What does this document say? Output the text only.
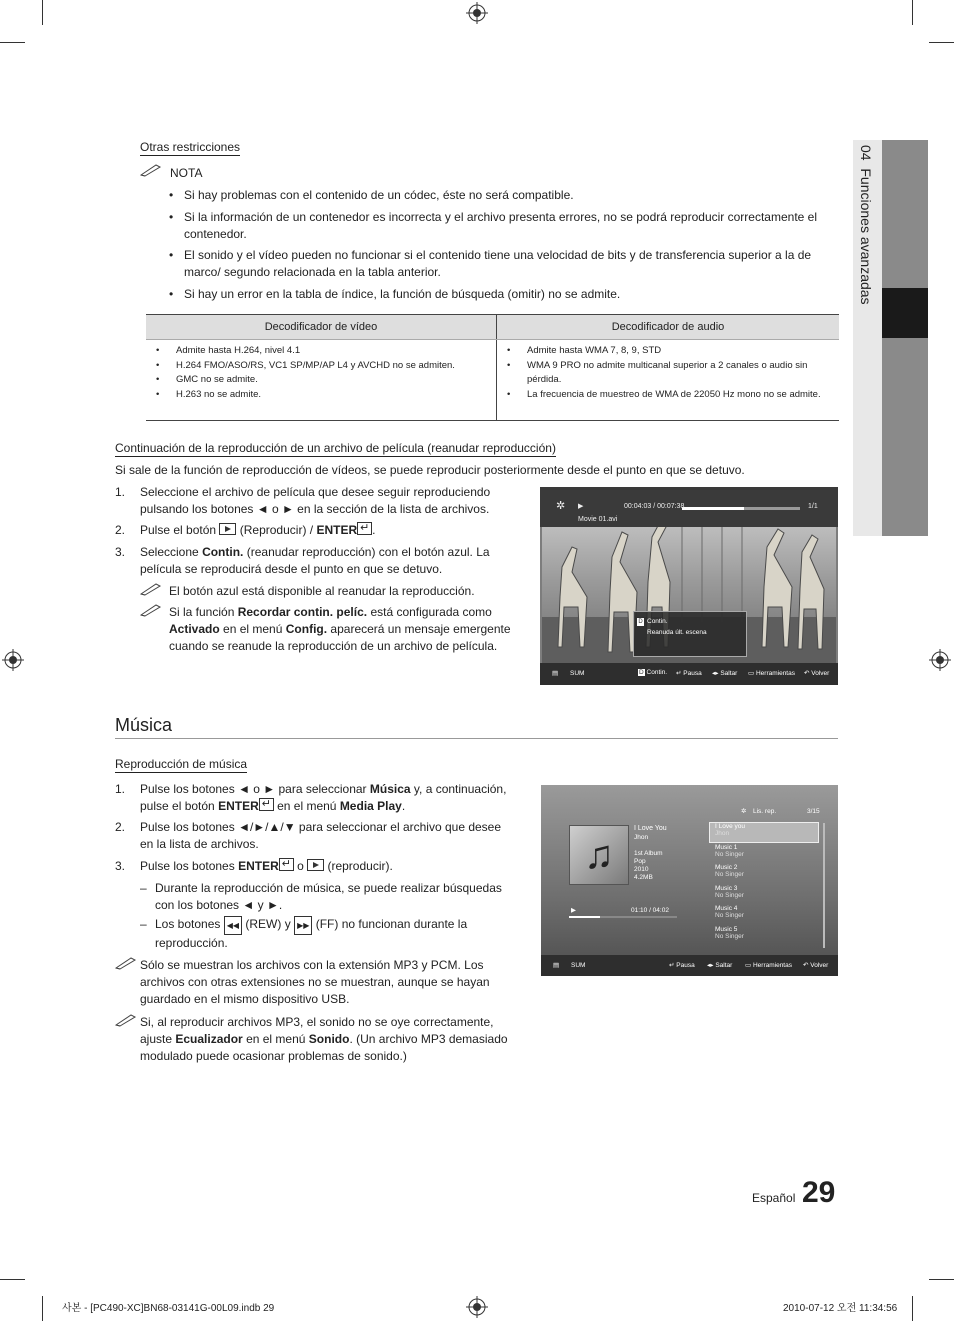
04  Funciones avanzadas
Otras restricciones
NOTA
• Si hay problemas con el contenido de un códec, éste no será compatible.
• Si la información de un contenedor es incorrecta y el archivo presenta errores, no se podrá reproducir correctamente el contenedor.
• El sonido y el vídeo pueden no funcionar si el contenido tiene una velocidad de bits y de transferencia superior a la de marco/ segundo relacionada en la tabla anterior.
• Si hay un error en la tabla de índice, la función de búsqueda (omitir) no se admite.
Decodificador de vídeo	Decodificador de audio

• Admite hasta H.264, nivel 4.1
• H.264 FMO/ASO/RS, VC1 SP/MP/AP L4 y AVCHD no se admiten.
• GMC no se admite.
• H.263 no se admite.	• Admite hasta WMA 7, 8, 9, STD
• WMA 9 PRO no admite multicanal superior a 2 canales o audio sin pérdida.
• La frecuencia de muestreo de WMA de 22050 Hz mono no se admite.
Continuación de la reproducción de un archivo de película (reanudar reproducción)
Si sale de la función de reproducción de vídeos, se puede reproducir posteriormente desde el punto en que se detuvo.
1. Seleccione el archivo de película que desee seguir reproduciendo pulsando los botones ◄ o ► en la sección de la lista de archivos.
2. Pulse el botón (Reproducir) / ENTER ↵ .
3. Seleccione Contin. (reanudar reproducción) con el botón azul. La película se reproducirá desde el punto en que se detuvo.
El botón azul está disponible al reanudar la reproducción.
Si la función Recordar contin. pelíc. está configurada como Activado en el menú Config. aparecerá un mensaje emergente cuando se reanude la reproducción de un archivo de película.
✲ ▶	00:04:03 / 00:07:38	1/1
Movie 01.avi
D Contin.
Reanuda últ. escena
▤ SUM	D Contin. ↵ Pausa ◂▸ Saltar ▭ Herramientas ↶ Volver
Música
Reproducción de música
1. Pulse los botones ◄ o ► para seleccionar Música y, a continuación, pulse el botón ENTER ↵ en el menú Media Play.
2. Pulse los botones ◄/►/▲/▼ para seleccionar el archivo que desee en la lista de archivos.
3. Pulse los botones ENTER ↵ o (reproducir).
– Durante la reproducción de música, se puede realizar búsquedas con los botones ◄ y ►.
– Los botones ◀◀ (REW) y ▶▶ (FF) no funcionan durante la reproducción.
Sólo se muestran los archivos con la extensión MP3 y PCM. Los archivos con otras extensiones no se muestran, aunque se hayan guardado en el mismo dispositivo USB.
Si, al reproducir archivos MP3, el sonido no se oye correctamente, ajuste Ecualizador en el menú Sonido. (Un archivo MP3 demasiado modulado puede ocasionar problemas de sonido.)
♫
I Love You
Jhon
1st Album
Pop
2010
4.2MB
▶	01:10 / 04:02
✲ Lis. rep.	3/15
I Love you
Jhon
Music 1
No Singer
Music 2
No Singer
Music 3
No Singer
Music 4
No Singer
Music 5
No Singer
▤ SUM	↵ Pausa ◂▸ Saltar ▭ Herramientas ↶ Volver
Español 29
사본 - [PC490-XC]BN68-03141G-00L09.indb 29	2010-07-12 오전 11:34:56
